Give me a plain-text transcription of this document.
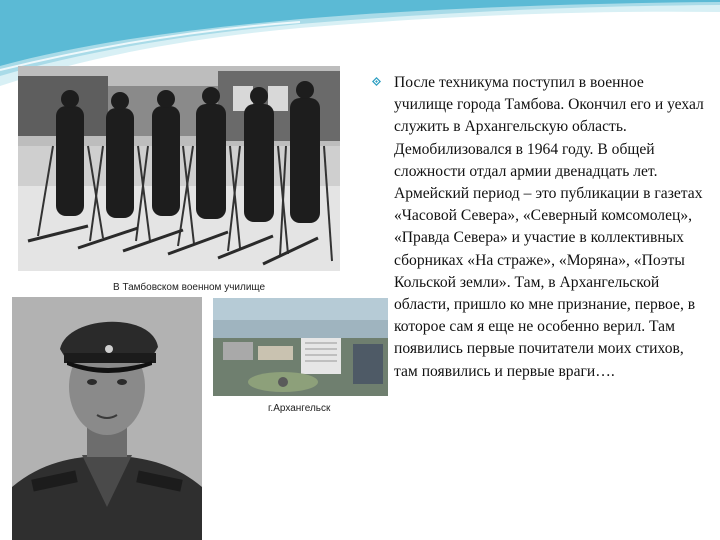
В Тамбовском военном училище
г.Архангельск

После техникума поступил в военное училище города Тамбова. Окончил его и уехал служить в Архангельскую область. Демобилизовался в 1964 году. В общей сложности отдал армии двенадцать лет. Армейский период – это публикации в газетах «Часовой Севера», «Северный комсомолец», «Правда Севера» и участие в коллективных сборниках «На страже», «Моряна», «Поэты Кольской земли». Там, в Архангельской области, пришло ко мне признание, первое, в которое сам я еще не особенно верил. Там появились первые почитатели моих стихов, там появились и первые враги….
